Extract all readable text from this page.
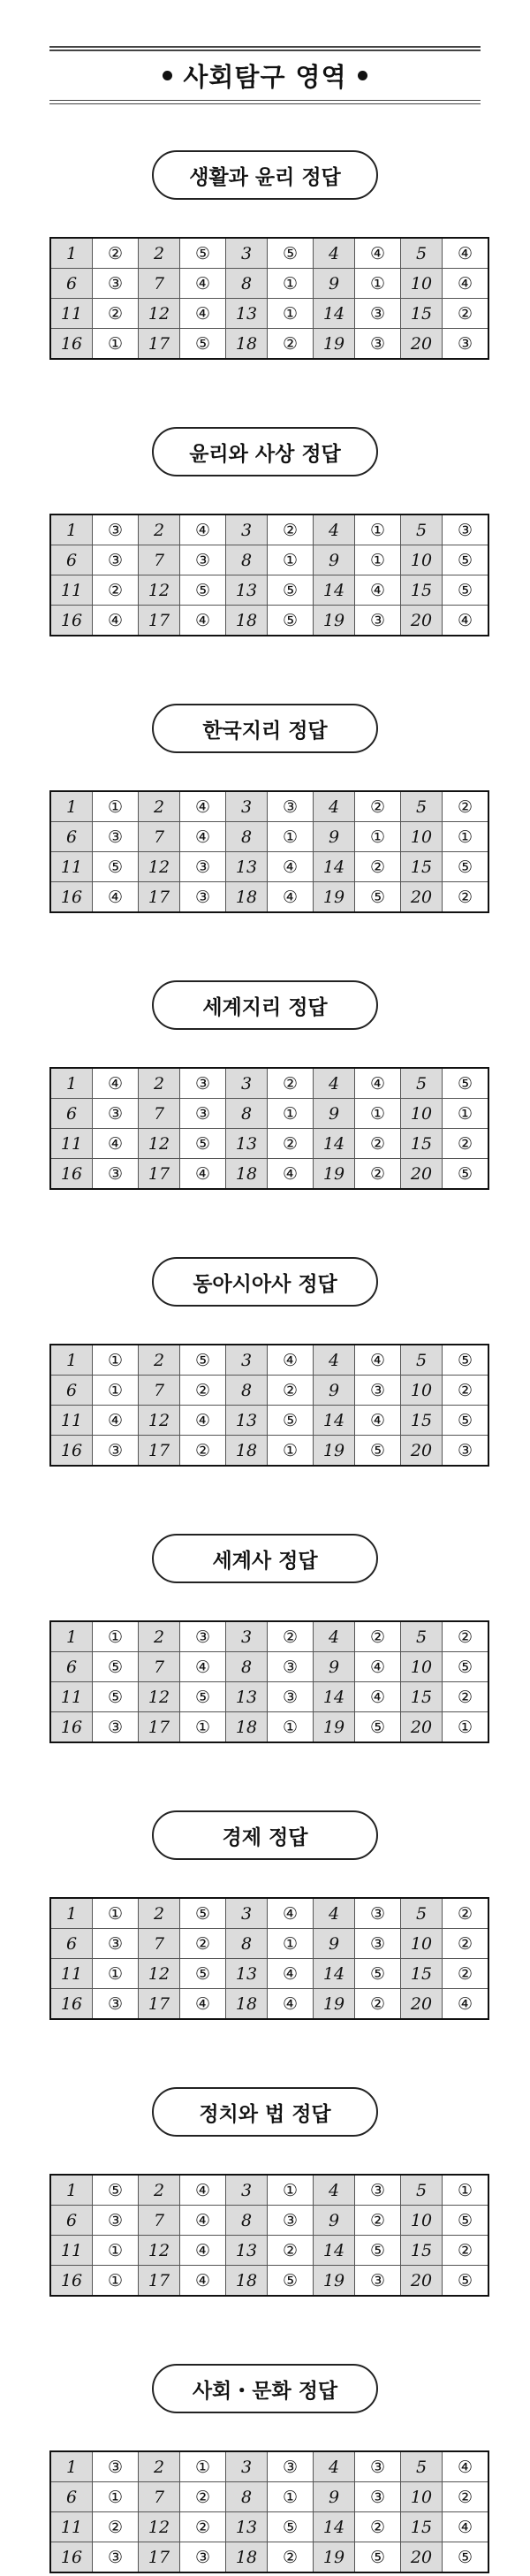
사회탐구 영역
생활과 윤리 정답
1	②	2	⑤	3	⑤	4	④	5	④
6	③	7	④	8	①	9	①	10	④
11	②	12	④	13	①	14	③	15	②
16	①	17	⑤	18	②	19	③	20	③
윤리와 사상 정답
1	③	2	④	3	②	4	①	5	③
6	③	7	③	8	①	9	①	10	⑤
11	②	12	⑤	13	⑤	14	④	15	⑤
16	④	17	④	18	⑤	19	③	20	④
한국지리 정답
1	①	2	④	3	③	4	②	5	②
6	③	7	④	8	①	9	①	10	①
11	⑤	12	③	13	④	14	②	15	⑤
16	④	17	③	18	④	19	⑤	20	②
세계지리 정답
1	④	2	③	3	②	4	④	5	⑤
6	③	7	③	8	①	9	①	10	①
11	④	12	⑤	13	②	14	②	15	②
16	③	17	④	18	④	19	②	20	⑤
동아시아사 정답
1	①	2	⑤	3	④	4	④	5	⑤
6	①	7	②	8	②	9	③	10	②
11	④	12	④	13	⑤	14	④	15	⑤
16	③	17	②	18	①	19	⑤	20	③
세계사 정답
1	①	2	③	3	②	4	②	5	②
6	⑤	7	④	8	③	9	④	10	⑤
11	⑤	12	⑤	13	③	14	④	15	②
16	③	17	①	18	①	19	⑤	20	①
경제 정답
1	①	2	⑤	3	④	4	③	5	②
6	③	7	②	8	①	9	③	10	②
11	①	12	⑤	13	④	14	⑤	15	②
16	③	17	④	18	④	19	②	20	④
정치와 법 정답
1	⑤	2	④	3	①	4	③	5	①
6	③	7	④	8	③	9	②	10	⑤
11	①	12	④	13	②	14	⑤	15	②
16	①	17	④	18	⑤	19	③	20	⑤
사회・문화 정답
1	③	2	①	3	③	4	③	5	④
6	①	7	②	8	①	9	③	10	②
11	②	12	②	13	⑤	14	②	15	④
16	③	17	③	18	②	19	⑤	20	⑤
